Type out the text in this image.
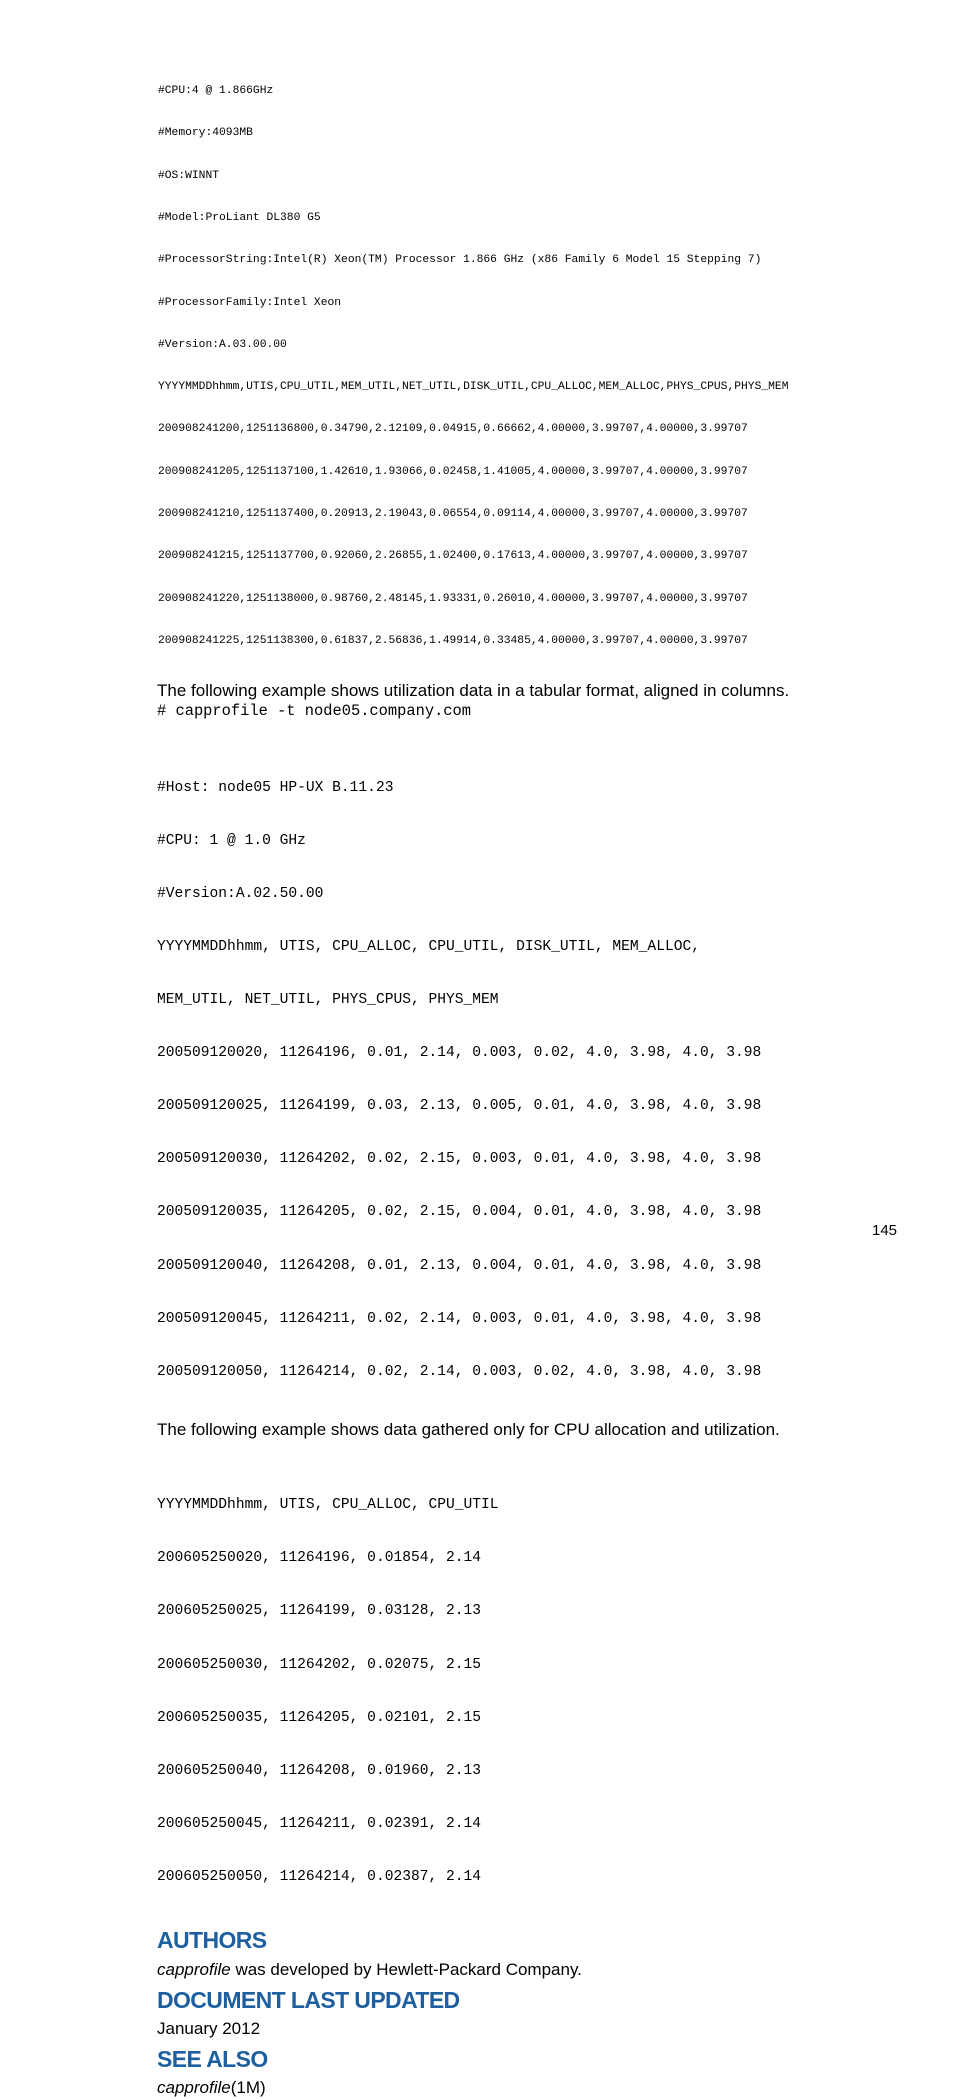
#CPU:4 @ 1.866GHz

#Memory:4093MB

#OS:WINNT

#Model:ProLiant DL380 G5

#ProcessorString:Intel(R) Xeon(TM) Processor 1.866 GHz (x86 Family 6 Model 15 Stepping 7)

#ProcessorFamily:Intel Xeon

#Version:A.03.00.00

YYYYMMDDhhmm,UTIS,CPU_UTIL,MEM_UTIL,NET_UTIL,DISK_UTIL,CPU_ALLOC,MEM_ALLOC,PHYS_CPUS,PHYS_MEM

200908241200,1251136800,0.34790,2.12109,0.04915,0.66662,4.00000,3.99707,4.00000,3.99707

200908241205,1251137100,1.42610,1.93066,0.02458,1.41005,4.00000,3.99707,4.00000,3.99707

200908241210,1251137400,0.20913,2.19043,0.06554,0.09114,4.00000,3.99707,4.00000,3.99707

200908241215,1251137700,0.92060,2.26855,1.02400,0.17613,4.00000,3.99707,4.00000,3.99707

200908241220,1251138000,0.98760,2.48145,1.93331,0.26010,4.00000,3.99707,4.00000,3.99707

200908241225,1251138300,0.61837,2.56836,1.49914,0.33485,4.00000,3.99707,4.00000,3.99707

The following example shows utilization data in a tabular format, aligned in columns.

# capprofile -t node05.company.com

#Host: node05 HP-UX B.11.23

#CPU: 1 @ 1.0 GHz

#Version:A.02.50.00

YYYYMMDDhhmm, UTIS, CPU_ALLOC, CPU_UTIL, DISK_UTIL, MEM_ALLOC,

MEM_UTIL, NET_UTIL, PHYS_CPUS, PHYS_MEM

200509120020, 11264196, 0.01, 2.14, 0.003, 0.02, 4.0, 3.98, 4.0, 3.98

200509120025, 11264199, 0.03, 2.13, 0.005, 0.01, 4.0, 3.98, 4.0, 3.98

200509120030, 11264202, 0.02, 2.15, 0.003, 0.01, 4.0, 3.98, 4.0, 3.98

200509120035, 11264205, 0.02, 2.15, 0.004, 0.01, 4.0, 3.98, 4.0, 3.98

200509120040, 11264208, 0.01, 2.13, 0.004, 0.01, 4.0, 3.98, 4.0, 3.98

200509120045, 11264211, 0.02, 2.14, 0.003, 0.01, 4.0, 3.98, 4.0, 3.98

200509120050, 11264214, 0.02, 2.14, 0.003, 0.02, 4.0, 3.98, 4.0, 3.98

The following example shows data gathered only for CPU allocation and utilization.

YYYYMMDDhhmm, UTIS, CPU_ALLOC, CPU_UTIL

200605250020, 11264196, 0.01854, 2.14

200605250025, 11264199, 0.03128, 2.13

200605250030, 11264202, 0.02075, 2.15

200605250035, 11264205, 0.02101, 2.15

200605250040, 11264208, 0.01960, 2.13

200605250045, 11264211, 0.02391, 2.14

200605250050, 11264214, 0.02387, 2.14

AUTHORS

capprofile was developed by Hewlett-Packard Company.

DOCUMENT LAST UPDATED

January 2012

SEE ALSO

capprofile(1M)

145
